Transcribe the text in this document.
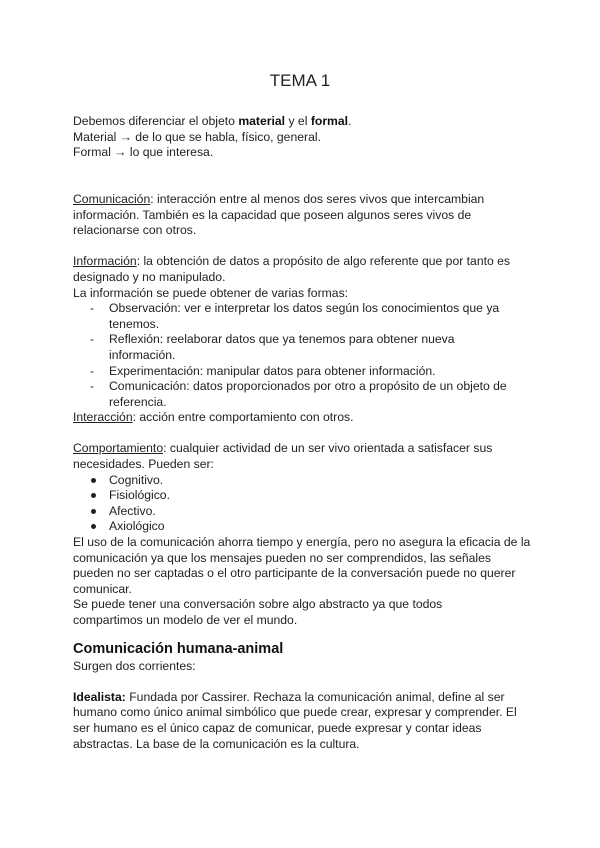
TEMA 1

Debemos diferenciar el objeto material y el formal.

Material → de lo que se habla, físico, general.

Formal → lo que interesa.

Comunicación: interacción entre al menos dos seres vivos que intercambian información. También es la capacidad que poseen algunos seres vivos de relacionarse con otros.

Información: la obtención de datos a propósito de algo referente que por tanto es designado y no manipulado.

La información se puede obtener de varias formas:

- Observación: ver e interpretar los datos según los conocimientos que ya tenemos.
- Reflexión: reelaborar datos que ya tenemos para obtener nueva información.
- Experimentación: manipular datos para obtener información.
- Comunicación: datos proporcionados por otro a propósito de un objeto de referencia.

Interacción: acción entre comportamiento con otros.

Comportamiento: cualquier actividad de un ser vivo orientada a satisfacer sus necesidades. Pueden ser:

Cognitivo.
Fisiológico.
Afectivo.
Axiológico

El uso de la comunicación ahorra tiempo y energía, pero no asegura la eficacia de la comunicación ya que los mensajes pueden no ser comprendidos, las señales pueden no ser captadas o el otro participante de la conversación puede no querer comunicar.

Se puede tener una conversación sobre algo abstracto ya que todos compartimos un modelo de ver el mundo.

Comunicación humana-animal

Surgen dos corrientes:

Idealista: Fundada por Cassirer. Rechaza la comunicación animal, define al ser humano como único animal simbólico que puede crear, expresar y comprender. El ser humano es el único capaz de comunicar, puede expresar y contar ideas abstractas. La base de la comunicación es la cultura.
